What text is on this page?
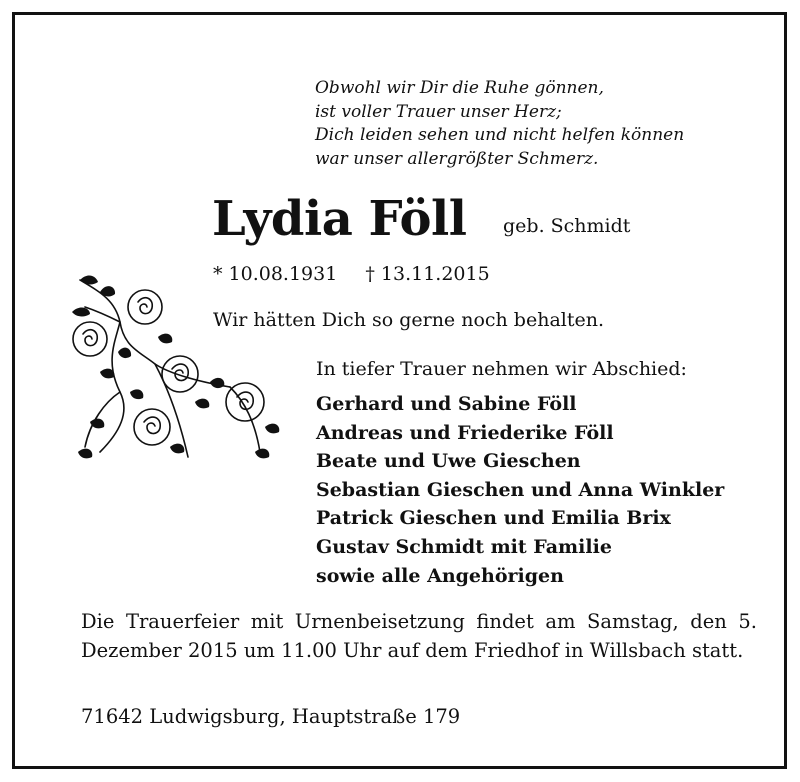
Obwohl wir Dir die Ruhe gönnen,
ist voller Trauer unser Herz;
Dich leiden sehen und nicht helfen können
war unser allergrößter Schmerz.
Lydia Föll geb. Schmidt
* 10.08.1931 † 13.11.2015
Wir hätten Dich so gerne noch behalten.
In tiefer Trauer nehmen wir Abschied:
Gerhard und Sabine Föll
Andreas und Friederike Föll
Beate und Uwe Gieschen
Sebastian Gieschen und Anna Winkler
Patrick Gieschen und Emilia Brix
Gustav Schmidt mit Familie
sowie alle Angehörigen
Die Trauerfeier mit Urnenbeisetzung findet am Samstag, den 5. Dezember 2015 um 11.00 Uhr auf dem Friedhof in Willsbach statt.
71642 Ludwigsburg, Hauptstraße 179
